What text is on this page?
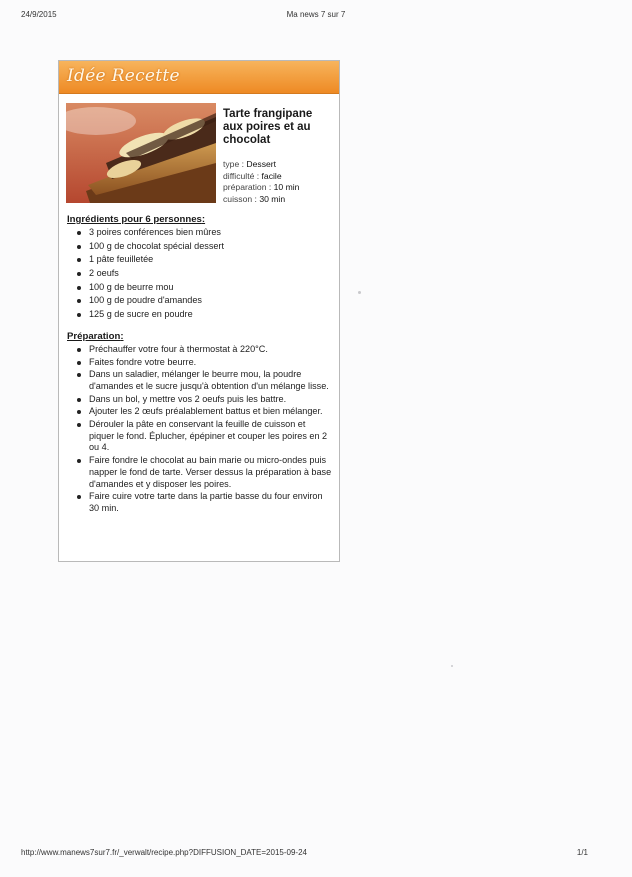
24/9/2015	Ma news 7 sur 7
Idée Recette
Tarte frangipane aux poires et au chocolat
type : Dessert
difficulté : facile
préparation : 10 min
cuisson : 30 min
Ingrédients pour 6 personnes:
3 poires conférences bien mûres
100 g de chocolat spécial dessert
1 pâte feuilletée
2 oeufs
100 g de beurre mou
100 g de poudre d'amandes
125 g de sucre en poudre
Préparation:
Préchauffer votre four à thermostat à 220°C.
Faites fondre votre beurre.
Dans un saladier, mélanger le beurre mou, la poudre d'amandes et le sucre jusqu'à obtention d'un mélange lisse.
Dans un bol, y mettre vos 2 oeufs puis les battre.
Ajouter les 2 œufs préalablement battus et bien mélanger.
Dérouler la pâte en conservant la feuille de cuisson et piquer le fond. Éplucher, épépiner et couper les poires en 2 ou 4.
Faire fondre le chocolat au bain marie ou micro-ondes puis napper le fond de tarte. Verser dessus la préparation à base d'amandes et y disposer les poires.
Faire cuire votre tarte dans la partie basse du four environ 30 min.
http://www.manews7sur7.fr/_verwalt/recipe.php?DIFFUSION_DATE=2015-09-24	1/1
